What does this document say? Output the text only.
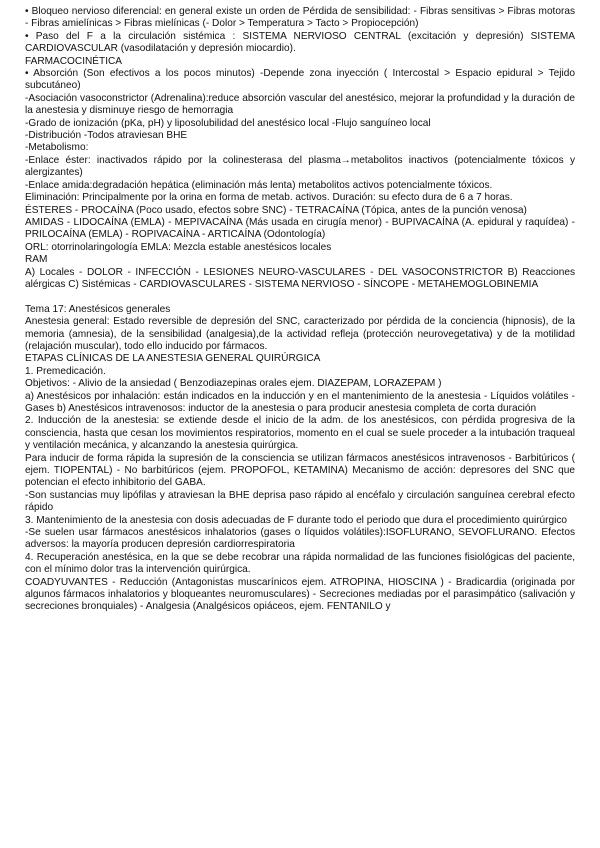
• Bloqueo nervioso diferencial: en general existe un orden de Pérdida de sensibilidad: - Fibras sensitivas > Fibras motoras - Fibras amielínicas > Fibras mielínicas (- Dolor > Temperatura > Tacto > Propiocepción)

• Paso del F a la circulación sistémica : SISTEMA NERVIOSO CENTRAL (excitación y depresión) SISTEMA CARDIOVASCULAR (vasodilatación y depresión miocardio).

FARMACOCINÉTICA

• Absorción (Son efectivos a los pocos minutos) -Depende zona inyección ( Intercostal > Espacio epidural > Tejido subcutáneo)

-Asociación vasoconstrictor (Adrenalina):reduce absorción vascular del anestésico, mejorar la profundidad y la duración de la anestesia y disminuye riesgo de hemorragia

-Grado de ionización (pKa, pH) y liposolubilidad del anestésico local -Flujo sanguíneo local

-Distribución -Todos atraviesan BHE

-Metabolismo:

-Enlace éster: inactivados rápido por la colinesterasa del plasma→metabolitos inactivos (potencialmente tóxicos y alergizantes)

-Enlace amida:degradación hepática (eliminación más lenta) metabolitos activos potencialmente tóxicos.

Eliminación: Principalmente por la orina en forma de metab. activos. Duración: su efecto dura de 6 a 7 horas.

ÉSTERES - PROCAÍNA (Poco usado, efectos sobre SNC) - TETRACAÍNA (Tópica, antes de la punción venosa)

AMIDAS - LIDOCAÍNA (EMLA) - MEPIVACAÍNA (Más usada en cirugía menor) - BUPIVACAÍNA (A. epidural y raquídea) - PRILOCAÍNA (EMLA) - ROPIVACAÍNA - ARTICAÍNA (Odontología)

ORL: otorrinolaringología EMLA: Mezcla estable anestésicos locales

RAM

A) Locales - DOLOR - INFECCIÓN - LESIONES NEURO-VASCULARES - DEL VASOCONSTRICTOR B) Reacciones alérgicas C) Sistémicas - CARDIOVASCULARES - SISTEMA NERVIOSO - SÍNCOPE - METAHEMOGLOBINEMIA

Tema 17: Anestésicos generales

Anestesia general: Estado reversible de depresión del SNC, caracterizado por pérdida de la conciencia (hipnosis), de la memoria (amnesia), de la sensibilidad (analgesia),de la actividad refleja (protección neurovegetativa) y de la motilidad (relajación muscular), todo ello inducido por fármacos.

ETAPAS CLÍNICAS DE LA ANESTESIA GENERAL QUIRÚRGICA

1. Premedicación.

Objetivos: - Alivio de la ansiedad ( Benzodiazepinas orales ejem. DIAZEPAM, LORAZEPAM )

a) Anestésicos por inhalación: están indicados en la inducción y en el mantenimiento de la anestesia - Líquidos volátiles - Gases b) Anestésicos intravenosos: inductor de la anestesia o para producir anestesia completa de corta duración

2. Inducción de la anestesia: se extiende desde el inicio de la adm. de los anestésicos, con pérdida progresiva de la consciencia, hasta que cesan los movimientos respiratorios, momento en el cual se suele proceder a la intubación traqueal y ventilación mecánica, y alcanzando la anestesia quirúrgica.

Para inducir de forma rápida la supresión de la consciencia se utilizan fármacos anestésicos intravenosos - Barbitúricos ( ejem. TIOPENTAL) - No barbitúricos (ejem. PROPOFOL, KETAMINA) Mecanismo de acción: depresores del SNC que potencian el efecto inhibitorio del GABA.

-Son sustancias muy lipófilas y atraviesan la BHE deprisa paso rápido al encéfalo y circulación sanguínea cerebral efecto rápido

3. Mantenimiento de la anestesia con dosis adecuadas de F durante todo el periodo que dura el procedimiento quirúrgico

-Se suelen usar fármacos anestésicos inhalatorios (gases o líquidos volátiles):ISOFLURANO, SEVOFLURANO. Efectos adversos: la mayoría producen depresión cardiorrespiratoria

4. Recuperación anestésica, en la que se debe recobrar una rápida normalidad de las funciones fisiológicas del paciente, con el mínimo dolor tras la intervención quirúrgica.

COADYUVANTES - Reducción (Antagonistas muscarínicos ejem. ATROPINA, HIOSCINA ) - Bradicardia (originada por algunos fármacos inhalatorios y bloqueantes neuromusculares) - Secreciones mediadas por el parasimpático (salivación y secreciones bronquiales) - Analgesia (Analgésicos opiáceos, ejem. FENTANILO y
